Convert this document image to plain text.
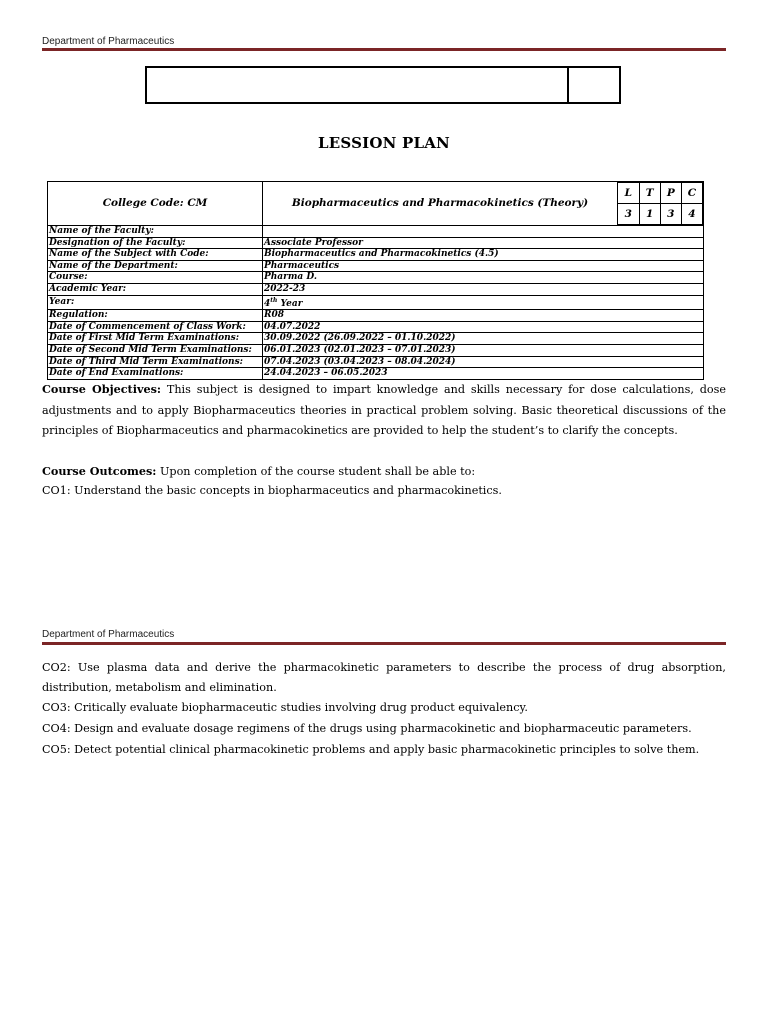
Department of Pharmaceutics
LESSION PLAN
College Code: CM	Biopharmaceutics and Pharmacokinetics (Theory)	
L	T	P	C
3	1	3	4

Name of the Faculty:	
Designation of the Faculty:	Associate Professor
Name of the Subject with Code:	Biopharmaceutics and Pharmacokinetics (4.5)
Name of the Department:	Pharmaceutics
Course:	Pharma D.
Academic Year:	2022-23
Year:	4th Year
Regulation:	R08
Date of Commencement of Class Work:	04.07.2022
Date of First Mid Term Examinations:	30.09.2022 (26.09.2022 – 01.10.2022)
Date of Second Mid Term Examinations:	06.01.2023 (02.01.2023 – 07.01.2023)
Date of Third Mid Term Examinations:	07.04.2023 (03.04.2023 – 08.04.2024)
Date of End Examinations:	24.04.2023 – 06.05.2023
Course Objectives: This subject is designed to impart knowledge and skills necessary for dose calculations, dose adjustments and to apply Biopharmaceutics theories in practical problem solving. Basic theoretical discussions of the principles of Biopharmaceutics and pharmacokinetics are provided to help the student’s to clarify the concepts.
Course Outcomes: Upon completion of the course student shall be able to:
CO1: Understand the basic concepts in biopharmaceutics and pharmacokinetics.
Department of Pharmaceutics
CO2: Use plasma data and derive the pharmacokinetic parameters to describe the process of drug absorption,
distribution, metabolism and elimination.
CO3: Critically evaluate biopharmaceutic studies involving drug product equivalency.
CO4: Design and evaluate dosage regimens of the drugs using pharmacokinetic and biopharmaceutic parameters.
CO5: Detect potential clinical pharmacokinetic problems and apply basic pharmacokinetic principles to solve them.
